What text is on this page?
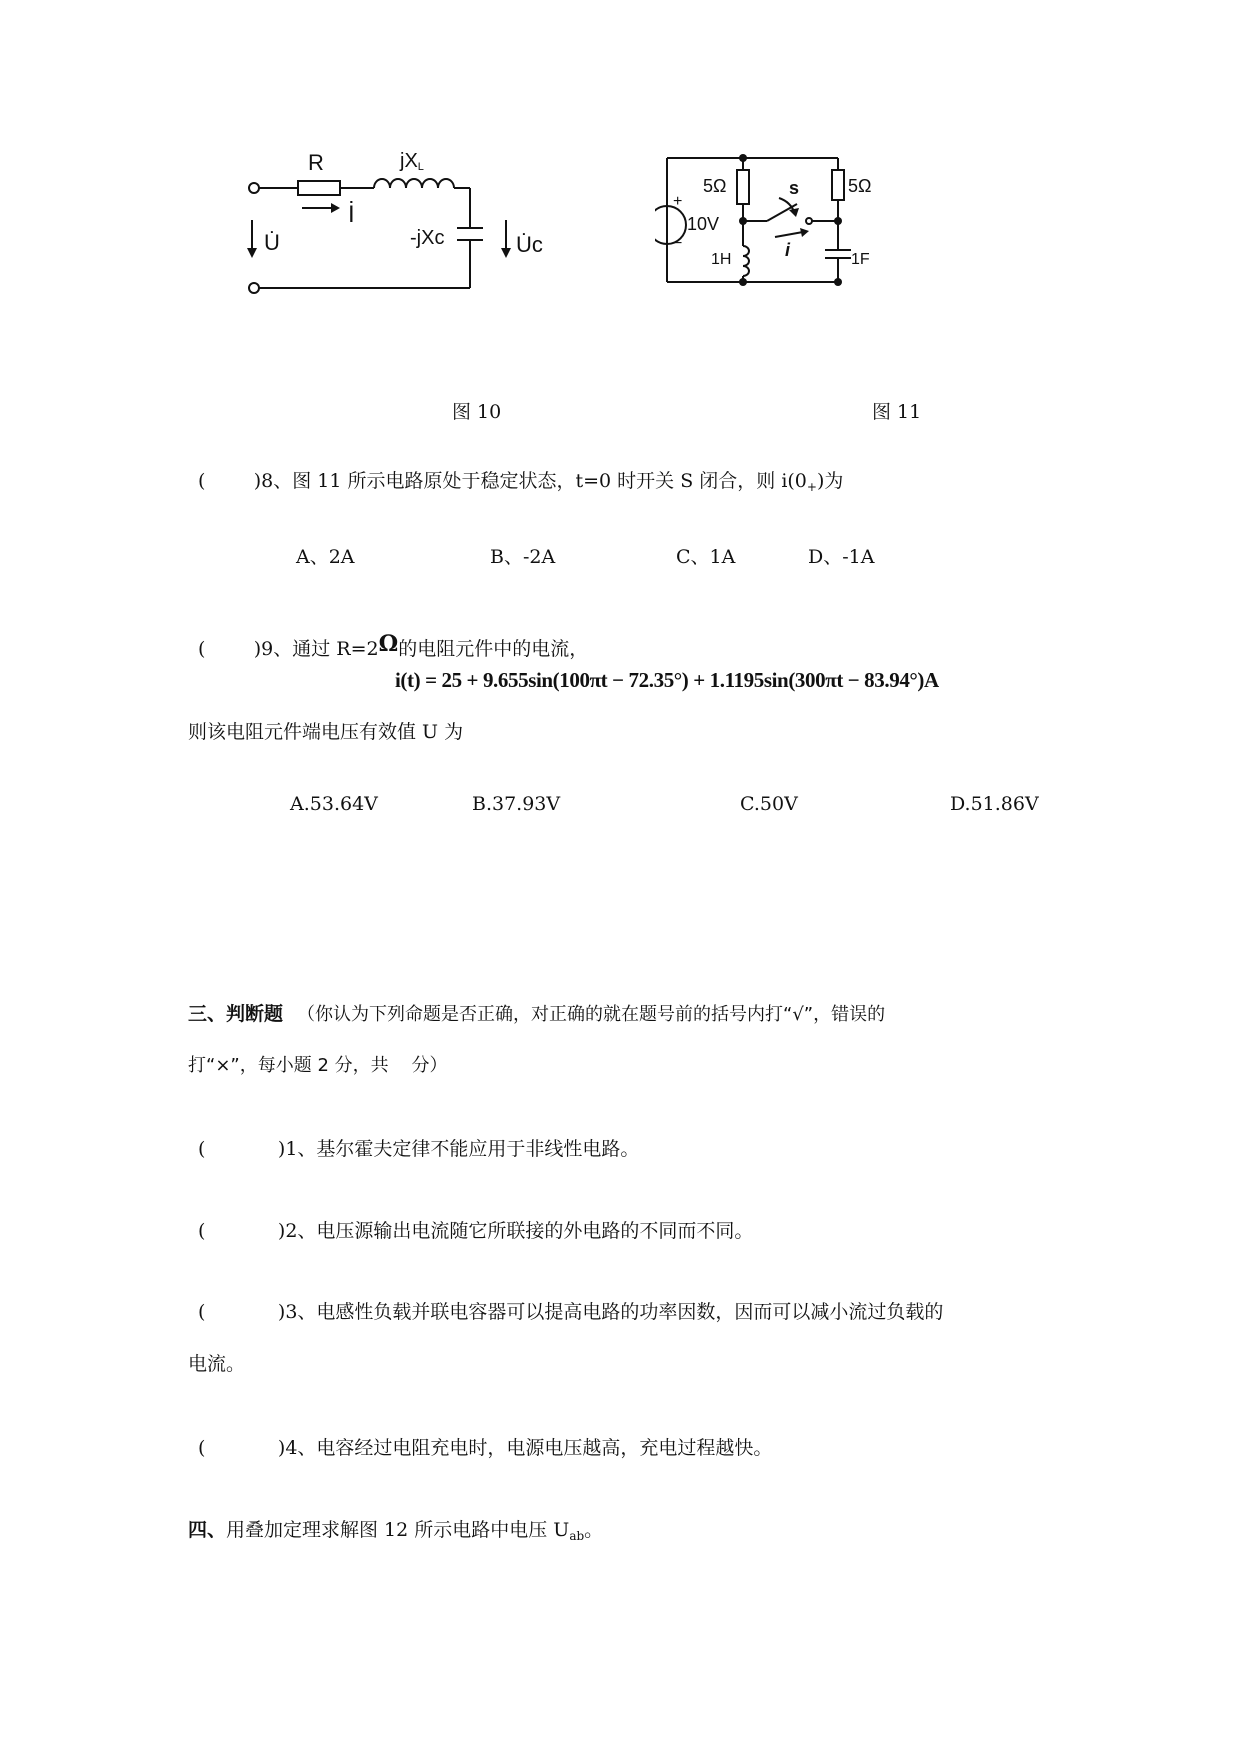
R	jXL
İ
U̇	-jXc	U̇c
5Ω	5Ω
s
+
10V
−
1H	i	1F
图 10	图 11
(        )8、图 11 所示电路原处于稳定状态，t=0 时开关 S 闭合，则 $i(0_+)$为
A、2A	B、-2A	C、1A	D、-1A
(        )9、通过 R=2Ω的电阻元件中的电流，
i(t) = 25 + 9.655sin(100πt − 72.35°) + 1.1195sin(300πt − 83.94°)A
则该电阻元件端电压有效值 U 为
A.53.64V	B.37.93V	C.50V	D.51.86V
三、判断题 （你认为下列命题是否正确，对正确的就在题号前的括号内打“√”，错误的
打“×”，每小题 2 分，共    分）
(            )1、基尔霍夫定律不能应用于非线性电路。
(            )2、电压源输出电流随它所联接的外电路的不同而不同。
(            )3、电感性负载并联电容器可以提高电路的功率因数，因而可以减小流过负载的
电流。
(            )4、电容经过电阻充电时，电源电压越高，充电过程越快。
四、用叠加定理求解图 12 所示电路中电压 $U_{ab}$。
